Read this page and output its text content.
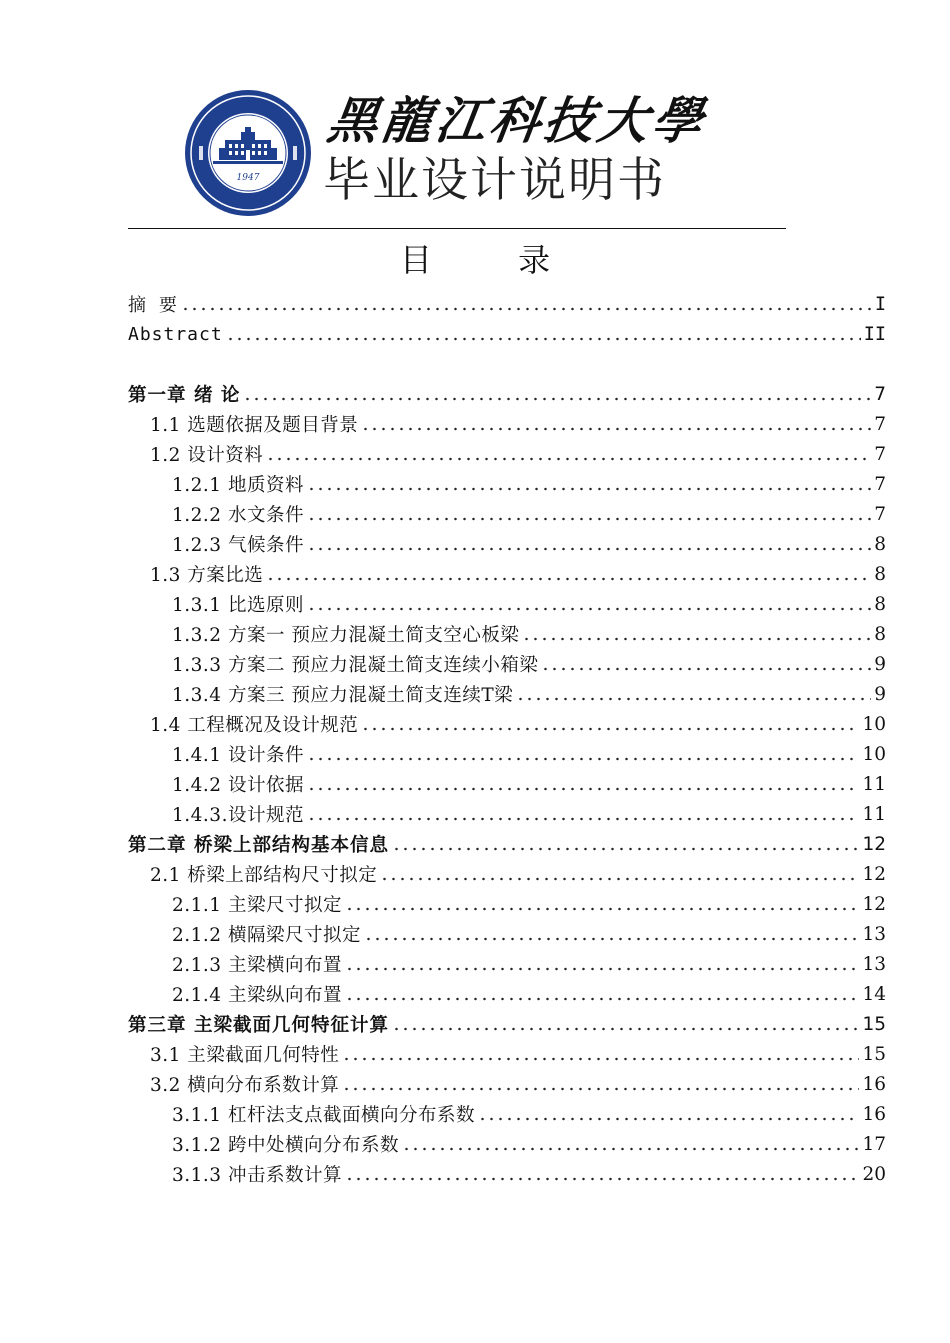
1947
黑龍江科技大學
毕业设计说明书
目 录
摘 要	I
Abstract	II
第一章 绪 论	7
1.1 选题依据及题目背景	7
1.2 设计资料	7
1.2.1 地质资料	7
1.2.2 水文条件	7
1.2.3 气候条件	8
1.3 方案比选	8
1.3.1 比选原则	8
1.3.2 方案一 预应力混凝土简支空心板梁	8
1.3.3 方案二 预应力混凝土简支连续小箱梁	9
1.3.4 方案三 预应力混凝土简支连续T梁	9
1.4 工程概况及设计规范	10
1.4.1 设计条件	10
1.4.2 设计依据	11
1.4.3.设计规范	11
第二章 桥梁上部结构基本信息	12
2.1 桥梁上部结构尺寸拟定	12
2.1.1 主梁尺寸拟定	12
2.1.2 横隔梁尺寸拟定	13
2.1.3 主梁横向布置	13
2.1.4 主梁纵向布置	14
第三章 主梁截面几何特征计算	15
3.1 主梁截面几何特性	15
3.2 横向分布系数计算	16
3.1.1 杠杆法支点截面横向分布系数	16
3.1.2 跨中处横向分布系数	17
3.1.3 冲击系数计算	20
